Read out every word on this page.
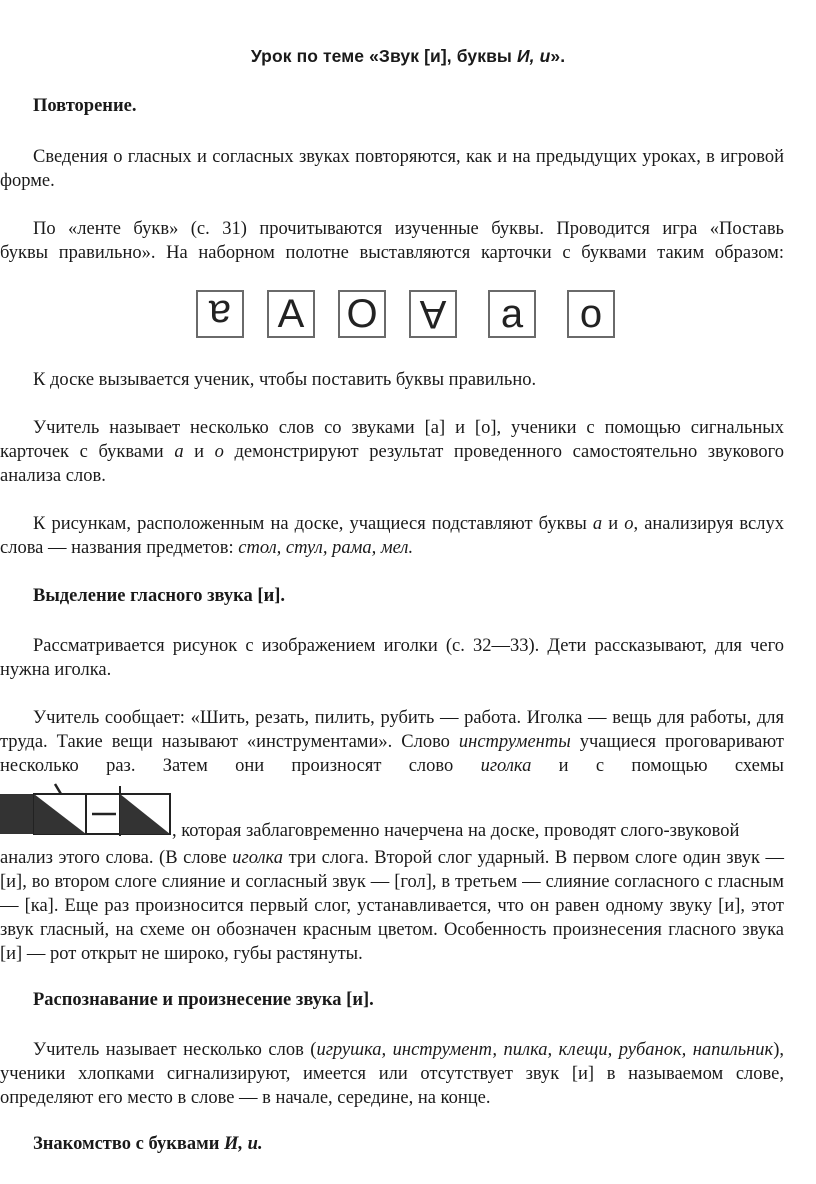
Урок по теме «Звук [и], буквы И, и».
Повторение.

Сведения о гласных и согласных звуках повторяются, как и на предыдущих уроках, в игровой форме.

По «ленте букв» (с. 31) прочитываются изученные буквы. Проводится игра «Поставь

буквы правильно». На наборном полотне выставляются карточки с буквами таким образом:

а А О А а о

К доске вызывается ученик, чтобы поставить буквы правильно.

Учитель называет несколько слов со звуками [а] и [о], ученики с помощью сигнальных карточек с буквами а и о демонстрируют результат проведенного самостоятельно звукового анализа слов.

К рисункам, расположенным на доске, учащиеся подставляют буквы а и о, анализируя вслух слова — названия предметов: стол, стул, рама, мел.

Выделение гласного звука [и].

Рассматривается рисунок с изображением иголки (с. 32—33). Дети рассказывают, для чего нужна иголка.

Учитель сообщает: «Шить, резать, пилить, рубить — работа. Иголка — вещь для работы, для труда. Такие вещи называют «инструментами». Слово инструменты учащиеся проговаривают несколько раз. Затем они произносят слово иголка и с помощью схемы

, которая заблаговременно начерчена на доске, проводят слого-звуковой

анализ этого слова. (В слове иголка три слога. Второй слог ударный. В первом слоге один звук — [и], во втором слоге слияние и согласный звук — [гол], в третьем — слияние согласного с гласным — [ка]. Еще раз произносится первый слог, устанавливается, что он равен одному звуку [и], этот звук гласный, на схеме он обозначен красным цветом. Особенность произнесения гласного звука [и] — рот открыт не широко, губы растянуты.

Распознавание и произнесение звука [и].

Учитель называет несколько слов (игрушка, инструмент, пилка, клещи, рубанок, напильник), ученики хлопками сигнализируют, имеется или отсутствует звук [и] в называемом слове, определяют его место в слове — в начале, середине, на конце.

Знакомство с буквами И, и.
